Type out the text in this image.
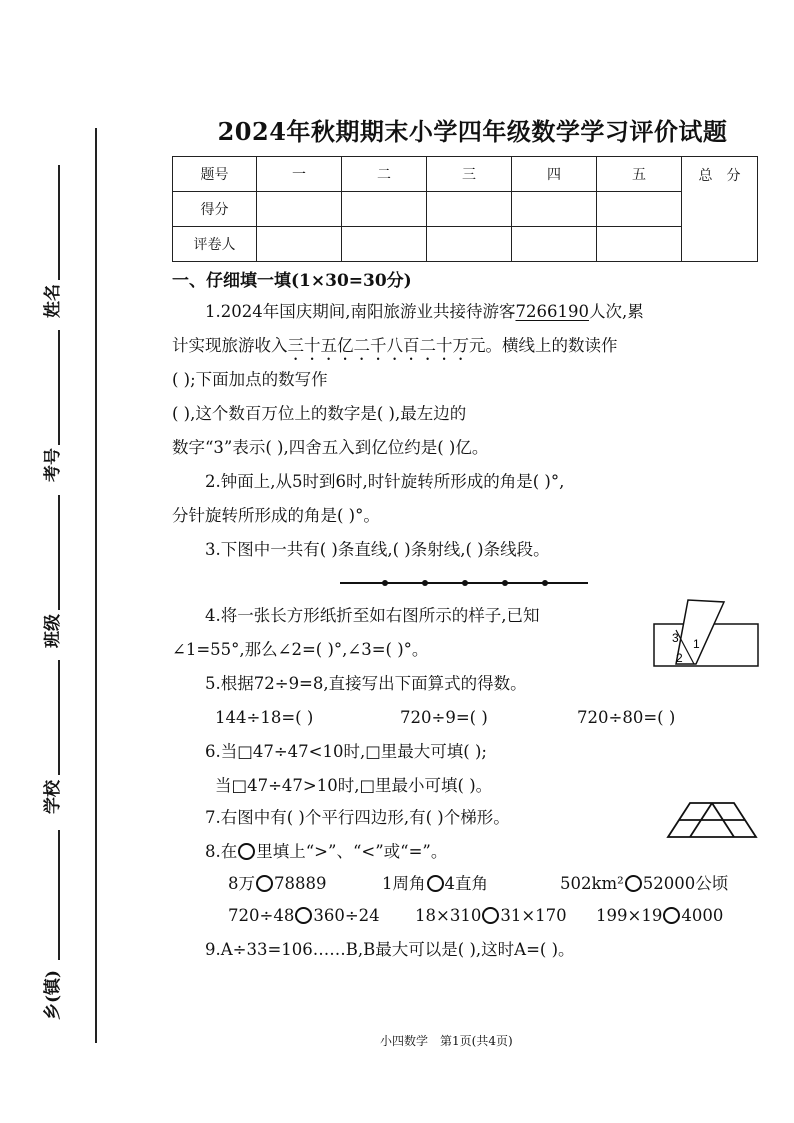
姓名
考号
班级
学校
乡(镇)
2024年秋期期末小学四年级数学学习评价试题
题号	一	二	三	四	五	总　分
得分						
评卷人						
一、仔细填一填(1×30=30分)
1.2024年国庆期间,南阳旅游业共接待游客7266190人次,累
计实现旅游收入三十五亿二千八百二十万元。横线上的数读作
( );下面加点的数写作
( ),这个数百万位上的数字是( ),最左边的
数字“3”表示( ),四舍五入到亿位约是( )亿。
2.钟面上,从5时到6时,时针旋转所形成的角是( )°,
分针旋转所形成的角是( )°。
3.下图中一共有( )条直线,( )条射线,( )条线段。
4.将一张长方形纸折至如右图所示的样子,已知
∠1=55°,那么∠2=( )°,∠3=( )°。
3 1
2
5.根据72÷9=8,直接写出下面算式的得数。
144÷18=( )	720÷9=( )	720÷80=( )
6.当□47÷47<10时,□里最大可填( );
当□47÷47>10时,□里最小可填( )。
7.右图中有( )个平行四边形,有( )个梯形。
8.在 里填上“>”、“<”或“=”。
8万 78889	1周角 4直角	502km² 52000公顷
720÷48 360÷24 18×310 31×170 199×19 4000
9.A÷33=106……B,B最大可以是( ),这时A=( )。
小四数学　第1页(共4页)
